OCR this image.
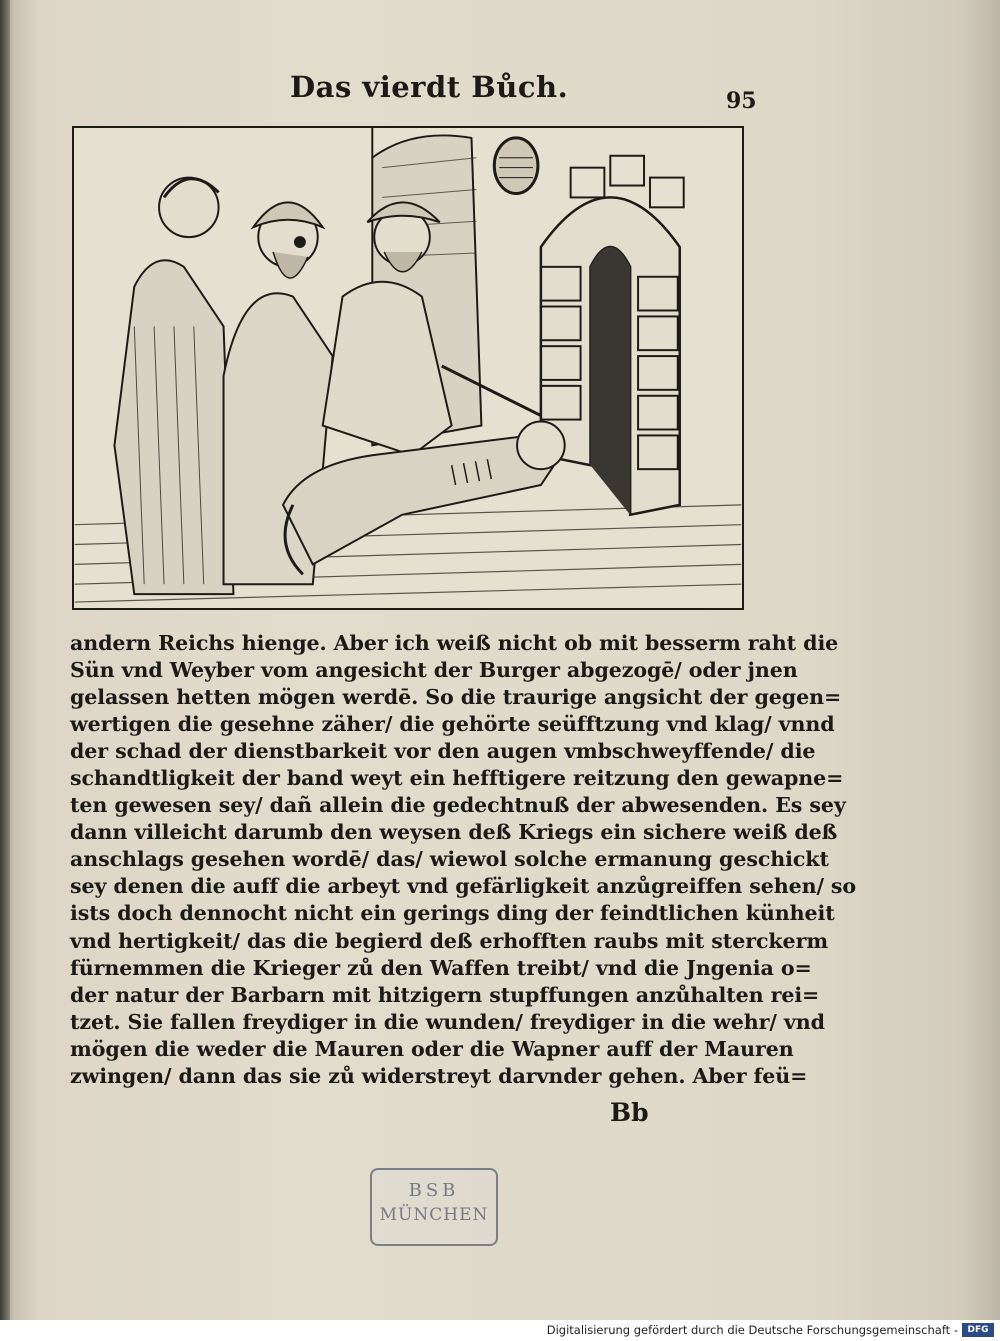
Das vierdt Bůch.	95
andern Reichs hienge. Aber ich weiß nicht ob mit besserm raht die
Sün vnd Weyber vom angesicht der Burger abgezogē/ oder jnen
gelassen hetten mögen werdē. So die traurige angsicht der gegen=
wertigen die gesehne zäher/ die gehörte seüfftzung vnd klag/ vnnd
der schad der dienstbarkeit vor den augen vmbschweyffende/ die
schandtligkeit der band weyt ein hefftigere reitzung den gewapne=
ten gewesen sey/ dañ allein die gedechtnuß der abwesenden. Es sey
dann villeicht darumb den weysen deß Kriegs ein sichere weiß deß
anschlags gesehen wordē/ das/ wiewol solche ermanung geschickt
sey denen die auff die arbeyt vnd gefärligkeit anzůgreiffen sehen/ so
ists doch dennocht nicht ein gerings ding der feindtlichen künheit
vnd hertigkeit/ das die begierd deß erhofften raubs mit sterckerm
fürnemmen die Krieger zů den Waffen treibt/ vnd die Jngenia o=
der natur der Barbarn mit hitzigern stupffungen anzůhalten rei=
tzet. Sie fallen freydiger in die wunden/ freydiger in die wehr/ vnd
mögen die weder die Mauren oder die Wapner auff der Mauren
zwingen/ dann das sie zů widerstreyt darvnder gehen. Aber feü=
Bb
BSB
MÜNCHEN
Digitalisierung gefördert durch die Deutsche Forschungsgemeinschaft -	DFG
